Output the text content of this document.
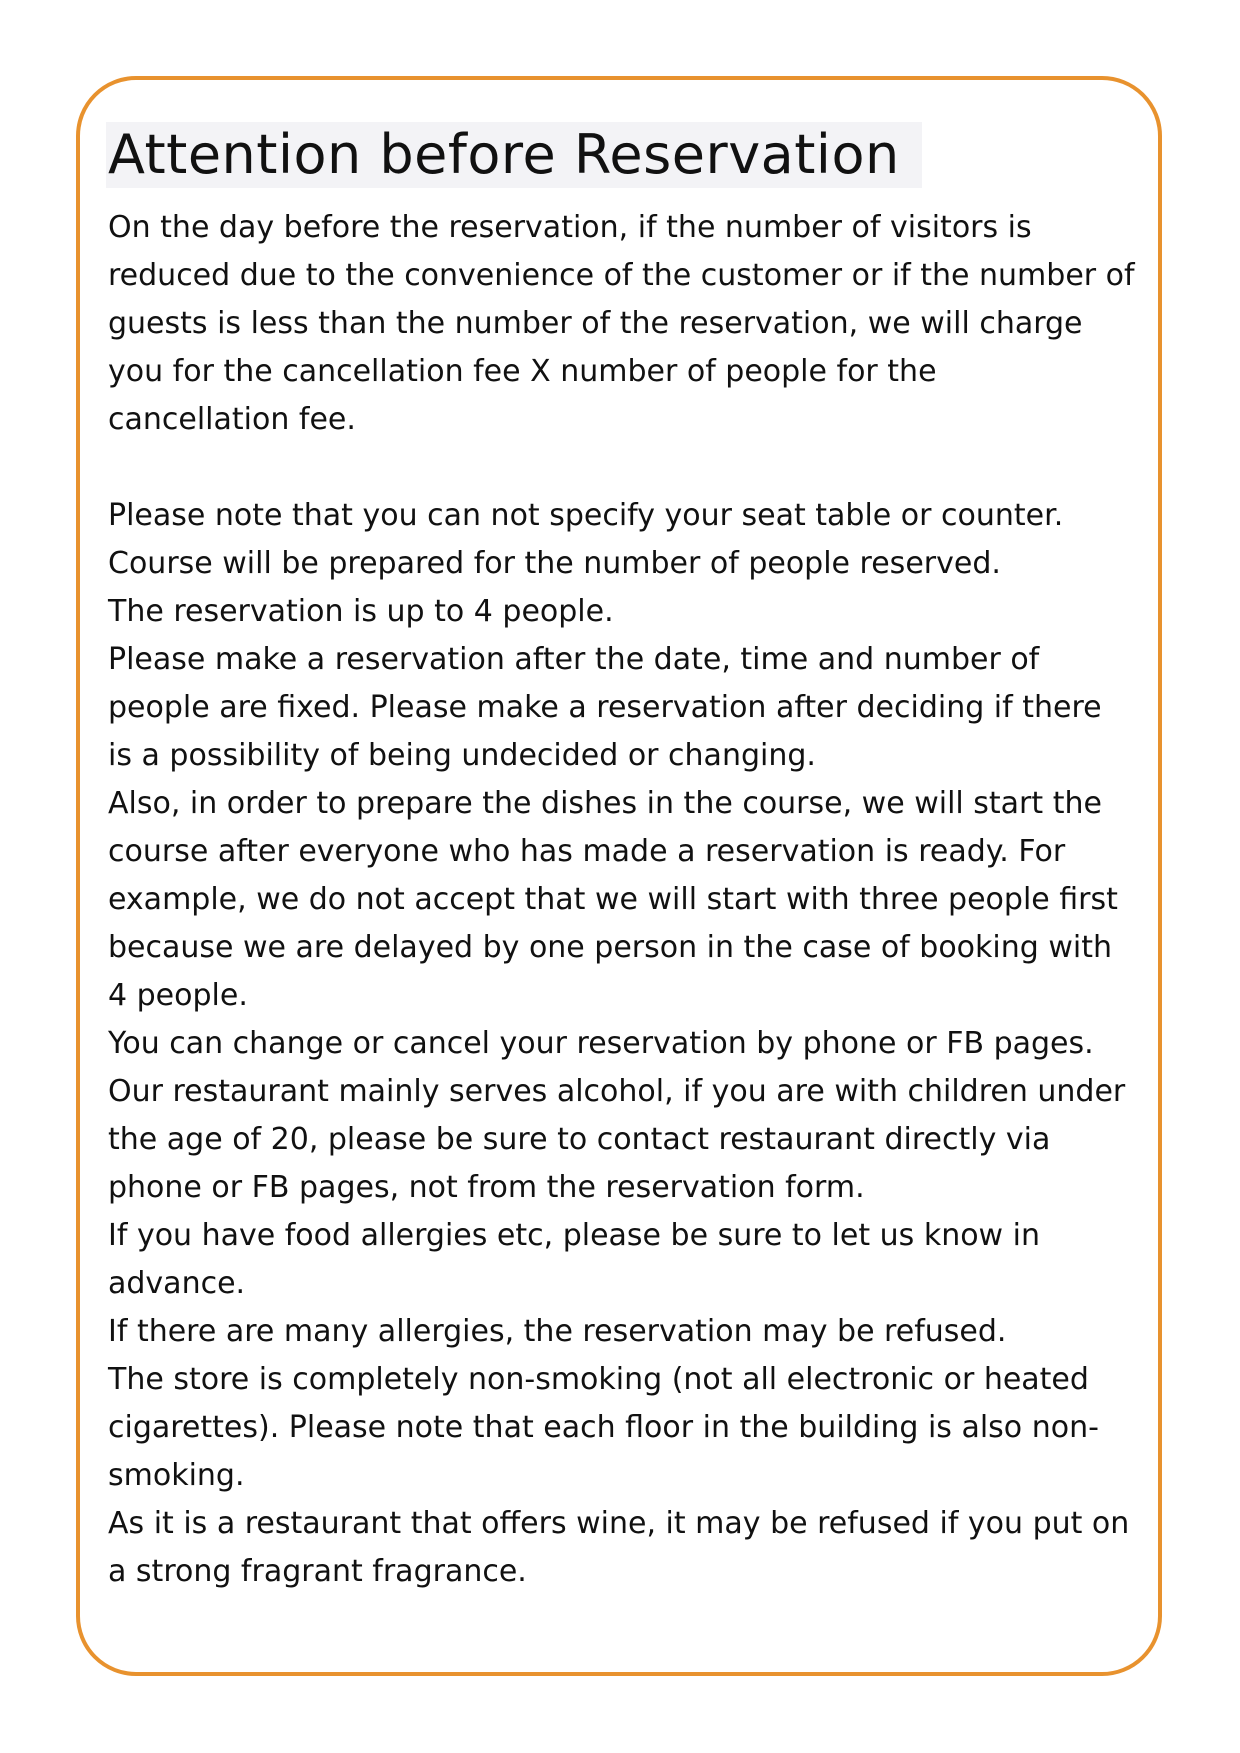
Attention before Reservation

On the day before the reservation, if the number of visitors is
reduced due to the convenience of the customer or if the number of
guests is less than the number of the reservation, we will charge
you for the cancellation fee X number of people for the
cancellation fee.

Please note that you can not specify your seat table or counter.
Course will be prepared for the number of people reserved.
The reservation is up to 4 people.
Please make a reservation after the date, time and number of
people are fixed. Please make a reservation after deciding if there
is a possibility of being undecided or changing.
Also, in order to prepare the dishes in the course, we will start the
course after everyone who has made a reservation is ready. For
example, we do not accept that we will start with three people first
because we are delayed by one person in the case of booking with
4 people.
You can change or cancel your reservation by phone or FB pages.
Our restaurant mainly serves alcohol, if you are with children under
the age of 20, please be sure to contact restaurant directly via
phone or FB pages, not from the reservation form.
If you have food allergies etc, please be sure to let us know in
advance.
If there are many allergies, the reservation may be refused.
The store is completely non-smoking (not all electronic or heated
cigarettes). Please note that each floor in the building is also non-
smoking.
As it is a restaurant that offers wine, it may be refused if you put on
a strong fragrant fragrance.
